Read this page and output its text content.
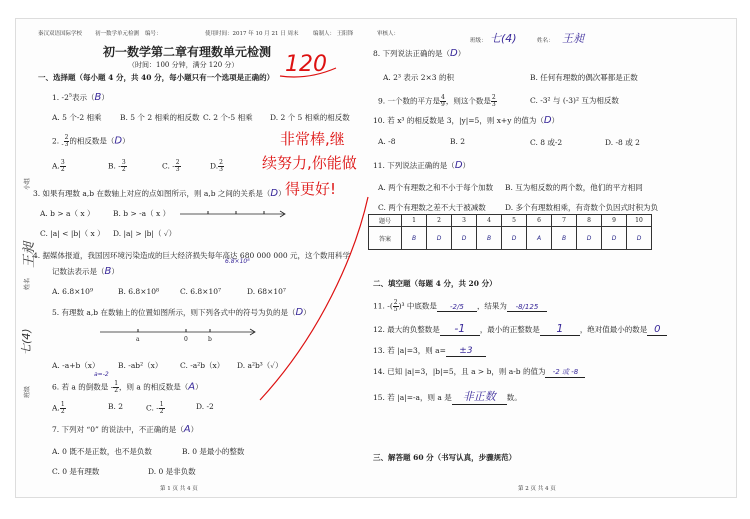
秦汉双语国际学校 初一数学单元检测 编号：	使用时间：2017 年 10 月 21 日 周末	编制人： 王阳锋	审核人：
班级： 七(4)	姓名： 王昶
小组
姓名
王昶
班级
七(4)
初一数学第二章有理数单元检测
（时间：100 分钟，满分 120 分） 120
非常棒,继
续努力,你能做
得更好!
一、选择题（每小题 4 分，共 40 分，每小题只有一个选项是正确的）
1. $-2^5$表示（B）
A. 5 个-2 相乘 B. 5 个 2 相乘的相反数 C. 2 个-5 相乘 D. 2 个 5 相乘的相反数
2. - $\frac{2}{3}$ 的相反数是（D）
A. $\frac{3}{2}$	B. - $\frac{3}{2}$	C. - $\frac{2}{3}$	D. $\frac{2}{3}$
3. 如果有理数 a,b 在数轴上对应的点如图所示，则 a,b 之间的关系是（D）
A. b > a（ x ） B. b > -a（ x ）
C. |a| < |b|（ x ） D. |a| > |b|（ ✓）
4. 据媒体报道，我国因环境污染造成的巨大经济损失每年高达 680 000 000 元，这个数用科学
记数法表示是（B）
6.8×10⁸
A. 6.8×10⁹	B. 6.8×10⁸	C. 6.8×10⁷	D. 68×10⁷
5. 有理数 a,b 在数轴上的位置如图所示，则下列各式中的符号为负的是（D）
a	0	b
A. -a+b（x） B. -ab²（x） C. -a²b（x） D. a²b³（✓）
a=-2
6. 若 a 的倒数是 - $\frac{1}{2}$ ，则 a 的相反数是（A）
A. $\frac{1}{2}$	B. 2	C. - $\frac{1}{2}$	D. -2
7. 下列对 “0” 的说法中，不正确的是（A）
A. 0 既不是正数，也不是负数	B. 0 是最小的整数
C. 0 是有理数	D. 0 是非负数
8. 下列说法正确的是（D）
A. 2³ 表示 2×3 的积	B. 任何有理数的偶次幂都是正数
9. 一个数的平方是 $\frac{4}{9}$ ，则这个数是 $\frac{2}{3}$	C. -3² 与 (-3)² 互为相反数
10. 若 x³ 的相反数是 3，|y|=5，则 x+y 的值为（D）
A. -8	B. 2	C. 8 或-2	D. -8 或 2
11. 下列说法正确的是（D）
A. 两个有理数之和不小于每个加数 B. 互为相反数的两个数，他们的平方相同
C. 两个有理数之差不大于被减数	D. 多个有理数相乘，有奇数个负因式时积为负
题号	1	2	3	4	5	6	7	8	9	10
答案	B	D	D	B	D	A	B	D	D	D
二、填空题（每题 4 分，共 20 分）
11. -( $\frac{2}{5} )^3$ 中底数是 -2/5 ，结果为 -8/125
12. 最大的负整数是 -1 ，最小的正整数是 1 ，绝对值最小的数是 0
13. 若 |a|=3，则 a= ±3
14. 已知 |a|=3，|b|=5，且 a > b，则 a-b 的值为 -2 或 -8
15. 若 |a|=-a，则 a 是 非正数 数。
三、解答题 60 分（书写认真，步骤规范）
第 1 页 共 4 页	第 2 页 共 4 页
